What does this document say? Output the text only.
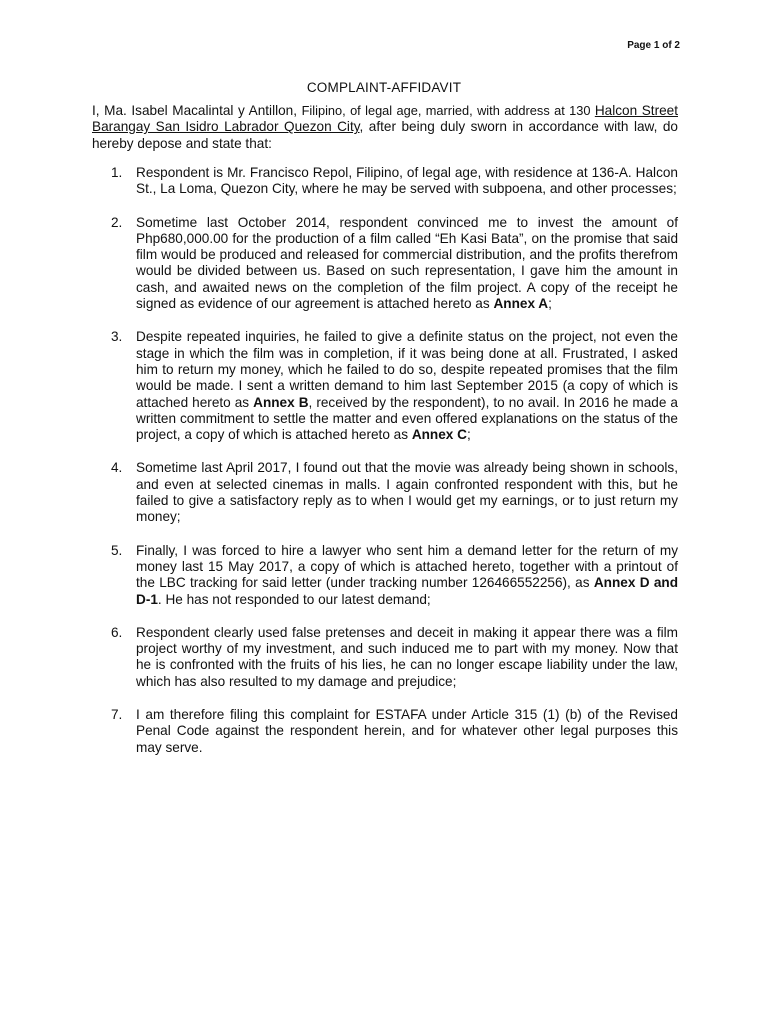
Page 1 of 2
COMPLAINT-AFFIDAVIT

I, Ma. Isabel Macalintal y Antillon, Filipino, of legal age, married, with address at 130 Halcon Street Barangay San Isidro Labrador Quezon City, after being duly sworn in accordance with law, do hereby depose and state that:

1. Respondent is Mr. Francisco Repol, Filipino, of legal age, with residence at 136-A. Halcon St., La Loma, Quezon City, where he may be served with subpoena, and other processes;
2. Sometime last October 2014, respondent convinced me to invest the amount of Php680,000.00 for the production of a film called “Eh Kasi Bata”, on the promise that said film would be produced and released for commercial distribution, and the profits therefrom would be divided between us. Based on such representation, I gave him the amount in cash, and awaited news on the completion of the film project. A copy of the receipt he signed as evidence of our agreement is attached hereto as Annex A;
3. Despite repeated inquiries, he failed to give a definite status on the project, not even the stage in which the film was in completion, if it was being done at all. Frustrated, I asked him to return my money, which he failed to do so, despite repeated promises that the film would be made. I sent a written demand to him last September 2015 (a copy of which is attached hereto as Annex B, received by the respondent), to no avail. In 2016 he made a written commitment to settle the matter and even offered explanations on the status of the project, a copy of which is attached hereto as Annex C;
4. Sometime last April 2017, I found out that the movie was already being shown in schools, and even at selected cinemas in malls. I again confronted respondent with this, but he failed to give a satisfactory reply as to when I would get my earnings, or to just return my money;
5. Finally, I was forced to hire a lawyer who sent him a demand letter for the return of my money last 15 May 2017, a copy of which is attached hereto, together with a printout of the LBC tracking for said letter (under tracking number 126466552256), as Annex D and D-1. He has not responded to our latest demand;
6. Respondent clearly used false pretenses and deceit in making it appear there was a film project worthy of my investment, and such induced me to part with my money. Now that he is confronted with the fruits of his lies, he can no longer escape liability under the law, which has also resulted to my damage and prejudice;
7. I am therefore filing this complaint for ESTAFA under Article 315 (1) (b) of the Revised Penal Code against the respondent herein, and for whatever other legal purposes this may serve.
